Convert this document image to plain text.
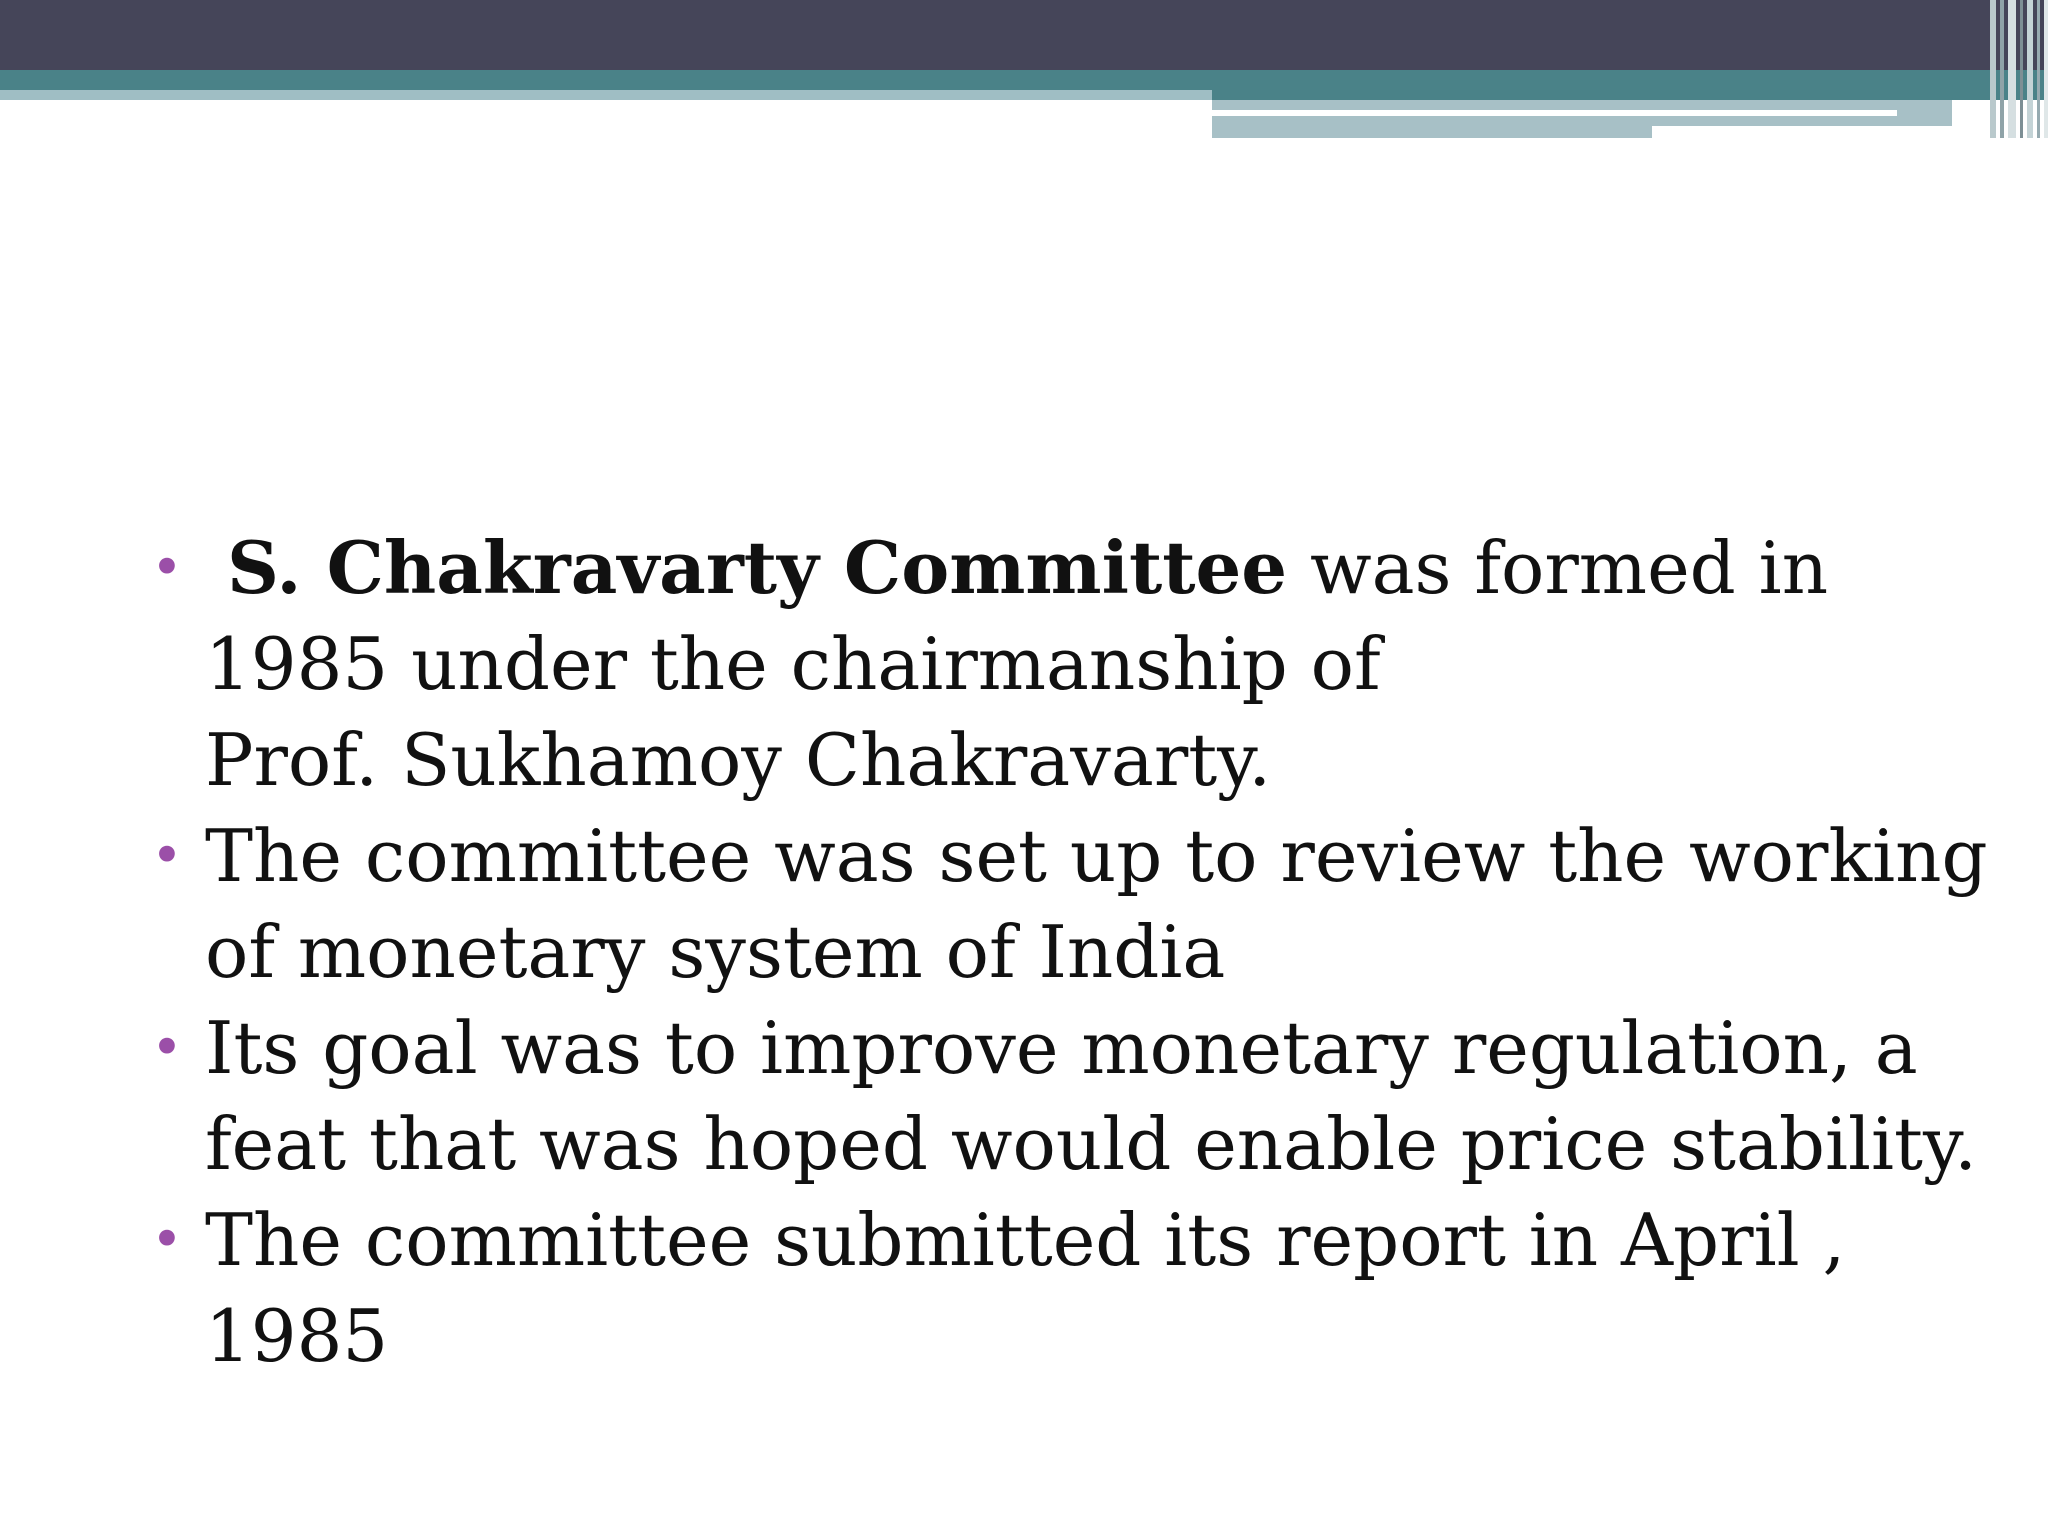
• S. Chakravarty Committee was formed in
1985 under the chairmanship of
Prof. Sukhamoy Chakravarty.
• The committee was set up to review the working
of monetary system of India
• Its goal was to improve monetary regulation, a
feat that was hoped would enable price stability.
• The committee submitted its report in April ,
1985
